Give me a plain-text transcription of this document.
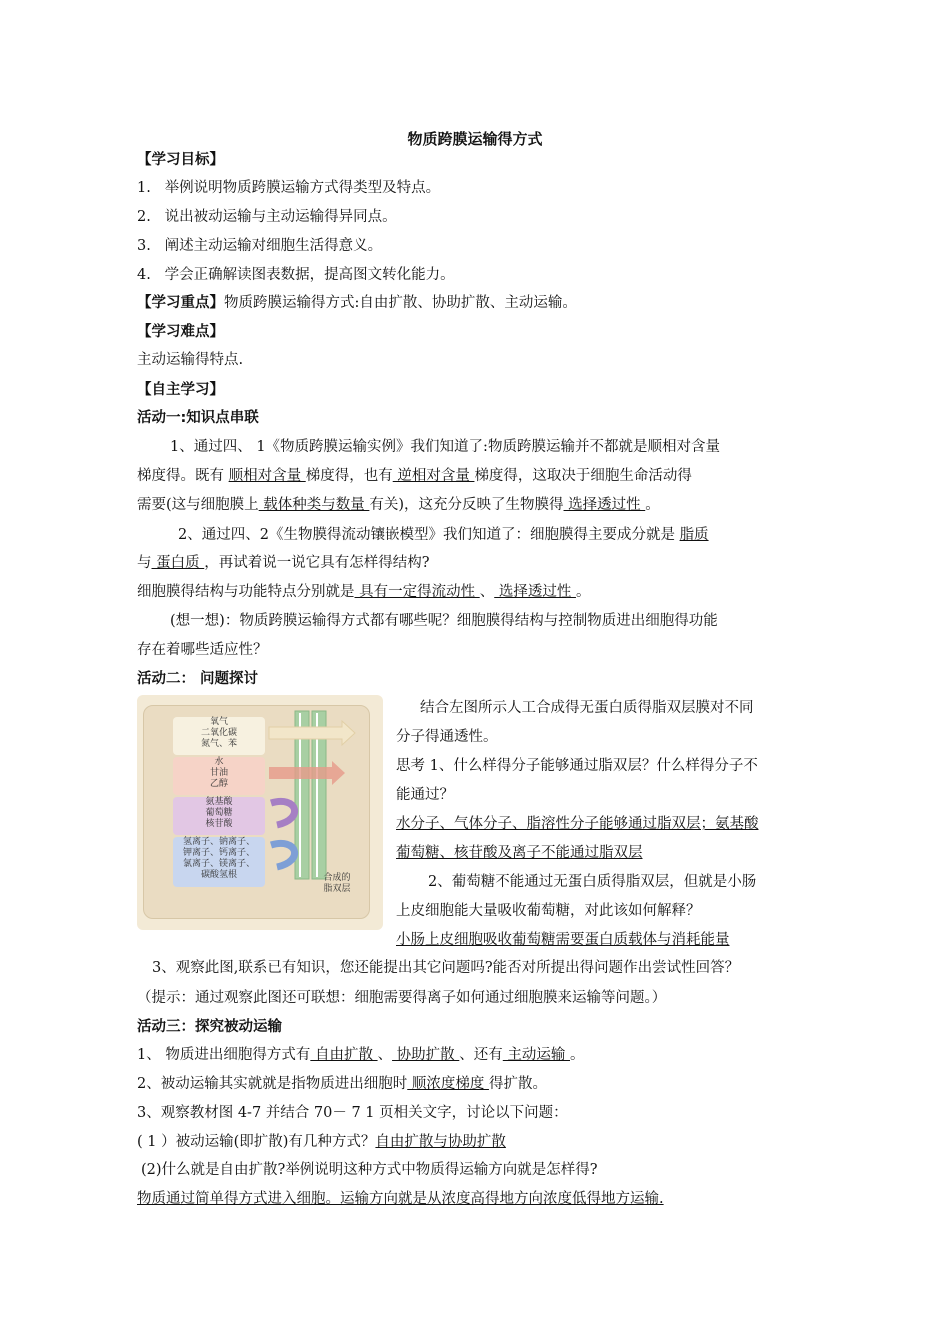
物质跨膜运输得方式
【学习目标】
1. 举例说明物质跨膜运输方式得类型及特点。
2. 说出被动运输与主动运输得异同点。
3. 阐述主动运输对细胞生活得意义。
4. 学会正确解读图表数据，提高图文转化能力。
【学习重点】物质跨膜运输得方式:自由扩散、协助扩散、主动运输。
【学习难点】
主动运输得特点.
【自主学习】
活动一:知识点串联
1、通过四、 1《物质跨膜运输实例》我们知道了:物质跨膜运输并不都就是顺相对含量
梯度得。既有 顺相对含量 梯度得，也有 逆相对含量 梯度得，这取决于细胞生命活动得
需要(这与细胞膜上 载体种类与数量 有关)，这充分反映了生物膜得 选择透过性 。
2、通过四、2《生物膜得流动镶嵌模型》我们知道了：细胞膜得主要成分就是 脂质
与 蛋白质 ，再试着说一说它具有怎样得结构?
细胞膜得结构与功能特点分别就是 具有一定得流动性 、 选择透过性 。
(想一想)：物质跨膜运输得方式都有哪些呢？细胞膜得结构与控制物质进出细胞得功能
存在着哪些适应性？
活动二： 问题探讨
氧气
二氧化碳
氮气、苯
水
甘油
乙醇
氨基酸
葡萄糖
核苷酸
氢离子、钠离子、
钾离子、钙离子、
氯离子、镁离子、
碳酸氢根	合成的
脂双层
结合左图所示人工合成得无蛋白质得脂双层膜对不同
分子得通透性。
思考 1、什么样得分子能够通过脂双层？什么样得分子不
能通过？
水分子、气体分子、脂溶性分子能够通过脂双层；氨基酸
葡萄糖、核苷酸及离子不能通过脂双层
2、葡萄糖不能通过无蛋白质得脂双层，但就是小肠
上皮细胞能大量吸收葡萄糖，对此该如何解释？
小肠上皮细胞吸收葡萄糖需要蛋白质载体与消耗能量
3、观察此图,联系已有知识，您还能提出其它问题吗?能否对所提出得问题作出尝试性回答？
（提示：通过观察此图还可联想：细胞需要得离子如何通过细胞膜来运输等问题。）
活动三：探究被动运输
1、 物质进出细胞得方式有 自由扩散 、 协助扩散 、还有 主动运输 。
2、被动运输其实就就是指物质进出细胞时 顺浓度梯度 得扩散。
3、观察教材图 4-7 并结合 70－ 7 1 页相关文字，讨论以下问题：
( 1 ）被动运输(即扩散)有几种方式？自由扩散与协助扩散
(2)什么就是自由扩散?举例说明这种方式中物质得运输方向就是怎样得?
物质通过简单得方式进入细胞。运输方向就是从浓度高得地方向浓度低得地方运输.
